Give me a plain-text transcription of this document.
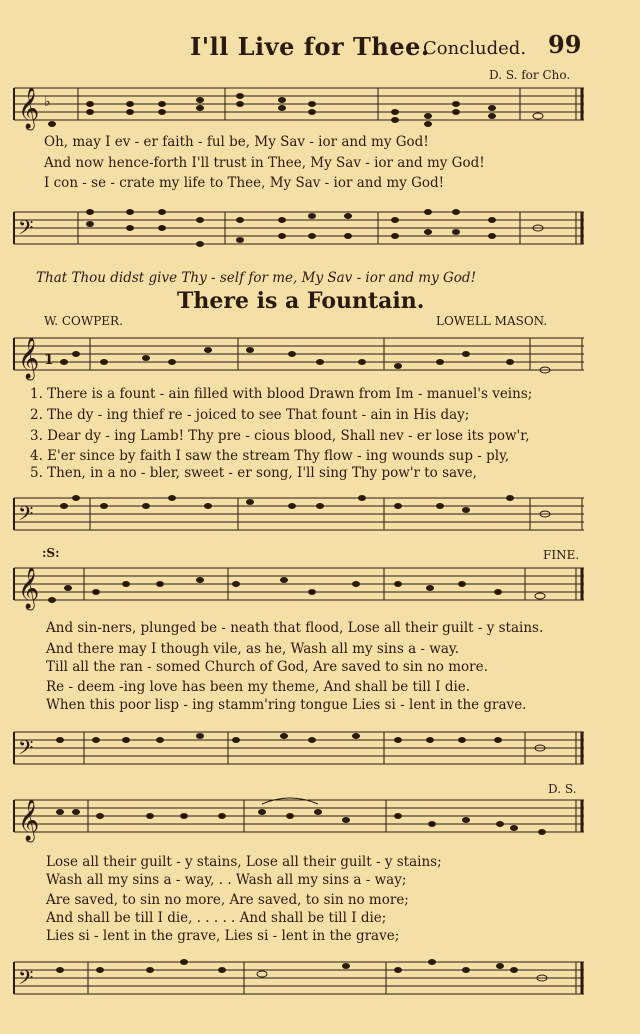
I'll Live for Thee.
Concluded. 99
D. S. for Cho.
𝄞 ♭
Oh, may I ev - er faith - ful be, My Sav - ior and my God!
And now hence-forth I'll trust in Thee, My Sav - ior and my God!
I con - se - crate my life to Thee, My Sav - ior and my God!
𝄢
That Thou didst give Thy - self for me, My Sav - ior and my God!
There is a Fountain.
W. COWPER.	LOWELL MASON.
𝄞 1
1. There is a fount - ain filled with blood Drawn from Im - manuel's veins;
2. The dy - ing thief re - joiced to see That fount - ain in His day;
3. Dear dy - ing Lamb! Thy pre - cious blood, Shall nev - er lose its pow'r,
4. E'er since by faith I saw the stream Thy flow - ing wounds sup - ply,
5. Then, in a no - bler, sweet - er song, I'll sing Thy pow'r to save,
𝄢
:S:	FINE.
𝄞
And sin-ners, plunged be - neath that flood, Lose all their guilt - y stains.
And there may I though vile, as he, Wash all my sins a - way.
Till all the ran - somed Church of God, Are saved to sin no more.
Re - deem -ing love has been my theme, And shall be till I die.
When this poor lisp - ing stamm'ring tongue Lies si - lent in the grave.
𝄢
D. S.
𝄞
Lose all their guilt - y stains, Lose all their guilt - y stains;
Wash all my sins a - way, . . Wash all my sins a - way;
Are saved, to sin no more, Are saved, to sin no more;
And shall be till I die, . . . . . And shall be till I die;
Lies si - lent in the grave, Lies si - lent in the grave;
𝄢
